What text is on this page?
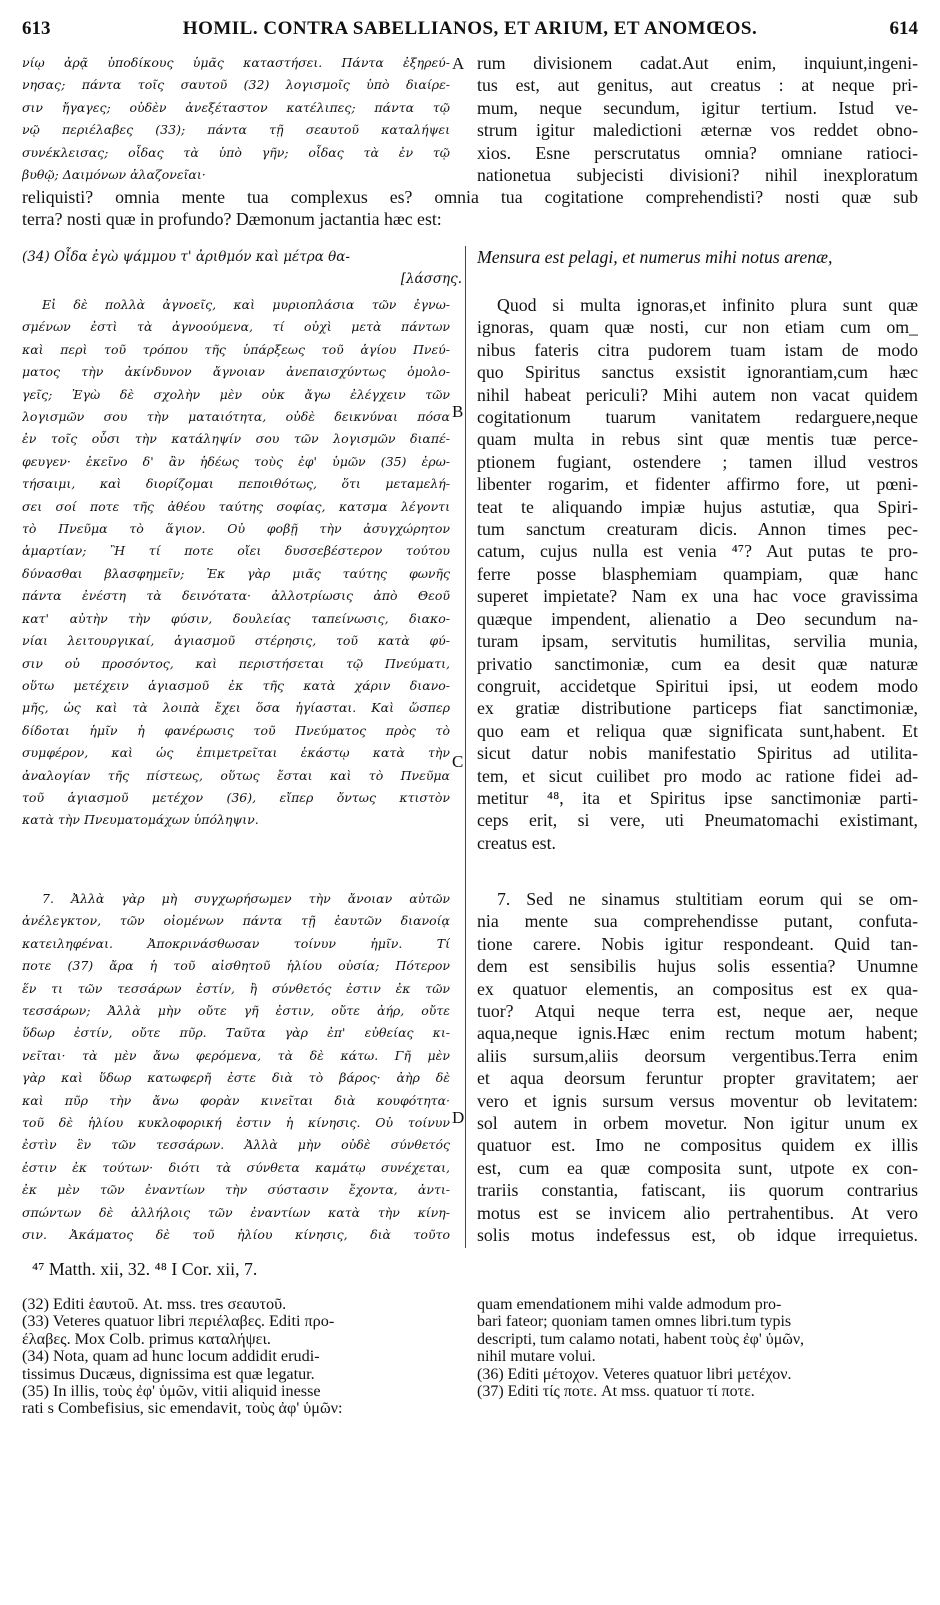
613	HOMIL. CONTRA SABELLIANOS, ET ARIUM, ET ANOMŒOS.	614
νίῳ ἀρᾷ ὑποδίκους ὑμᾶς καταστήσει. Πάντα ἐξηρεύ-
νησας; πάντα τοῖς σαυτοῦ (32) λογισμοῖς ὑπὸ διαίρε-
σιν ἤγαγες; οὐδὲν ἀνεξέταστον κατέλιπες; πάντα τῷ
νῷ περιέλαβες (33); πάντα τῇ σεαυτοῦ καταλήψει
συνέκλεισας; οἶδας τὰ ὑπὸ γῆν; οἶδας τὰ ἐν τῷ
βυθῷ; Δαιμόνων ἀλαζονεῖαι·
A rum divisionem cadat.Aut enim, inquiunt,ingeni-
tus est, aut genitus, aut creatus : at neque pri-
mum, neque secundum, igitur tertium. Istud ve-
strum igitur maledictioni æternæ vos reddet obno-
xios. Esne perscrutatus omnia? omniane ratioci-
nationetua subjecisti divisioni? nihil inexploratum
reliquisti? omnia mente tua complexus es? omnia tua cogitatione comprehendisti? nosti quæ sub
terra? nosti quæ in profundo? Dæmonum jactantia hæc est:
(34) Οἶδα ἐγὼ ψάμμου τ' ἀριθμόν καὶ μέτρα θα-
[λάσσης.
Mensura est pelagi, et numerus mihi notus arenæ,
Εἰ δὲ πολλὰ ἀγνοεῖς, καὶ μυριοπλάσια τῶν ἐγνω-
σμένων ἐστὶ τὰ ἀγνοούμενα, τί οὐχὶ μετὰ πάντων
καὶ περὶ τοῦ τρόπου τῆς ὑπάρξεως τοῦ ἁγίου Πνεύ-
ματος τὴν ἀκίνδυνον ἄγνοιαν ἀνεπαισχύντως ὁμολο-
γεῖς; Ἐγὼ δὲ σχολὴν μὲν οὐκ ἄγω ἐλέγχειν τῶν
λογισμῶν σου τὴν ματαιότητα, οὐδὲ δεικνύναι πόσα
ἐν τοῖς οὖσι τὴν κατάληψίν σου τῶν λογισμῶν διαπέ-
φευγεν· ἐκεῖνο δ' ἂν ἡδέως τοὺς ἐφ' ὑμῶν (35) ἐρω-
τήσαιμι, καὶ διορίζομαι πεποιθότως, ὅτι μεταμελή-
σει σοί ποτε τῆς ἀθέου ταύτης σοφίας, κατσμα λέγοντι
τὸ Πνεῦμα τὸ ἅγιον. Οὐ φοβῇ τὴν ἀσυγχώρητον
ἁμαρτίαν; Ἢ τί ποτε οἴει δυσσεβέστερον τούτου
δύνασθαι βλασφημεῖν; Ἐκ γὰρ μιᾶς ταύτης φωνῆς
πάντα ἐνέστη τὰ δεινότατα· ἀλλοτρίωσις ἀπὸ Θεοῦ
κατ' αὐτὴν τὴν φύσιν, δουλείας ταπείνωσις, διακο-
νίαι λειτουργικαί, ἁγιασμοῦ στέρησις, τοῦ κατὰ φύ-
σιν οὐ προσόντος, καὶ περιστήσεται τῷ Πνεύματι,
οὕτω μετέχειν ἁγιασμοῦ ἐκ τῆς κατὰ χάριν διανο-
μῆς, ὡς καὶ τὰ λοιπὰ ἔχει ὅσα ἡγίασται. Καὶ ὥσπερ
δίδοται ἡμῖν ἡ φανέρωσις τοῦ Πνεύματος πρὸς τὸ
συμφέρον, καὶ ὡς ἐπιμετρεῖται ἑκάστῳ κατὰ τὴν
ἀναλογίαν τῆς πίστεως, οὕτως ἔσται καὶ τὸ Πνεῦμα
τοῦ ἁγιασμοῦ μετέχον (36), εἴπερ ὄντως κτιστὸν
κατὰ τὴν Πνευματομάχων ὑπόληψιν.
B
Quod si multa ignoras,et infinito plura sunt quæ
ignoras, quam quæ nosti, cur non etiam cum om_
nibus fateris citra pudorem tuam istam de modo
quo Spiritus sanctus exsistit ignorantiam,cum hæc
nihil habeat periculi? Mihi autem non vacat quidem
cogitationum tuarum vanitatem redarguere,neque
quam multa in rebus sint quæ mentis tuæ perce-
ptionem fugiant, ostendere ; tamen illud vestros
libenter rogarim, et fidenter affirmo fore, ut pœni-
teat te aliquando impiæ hujus astutiæ, qua Spiri-
tum sanctum creaturam dicis. Annon times pec-
catum, cujus nulla est venia ⁴⁷? Aut putas te pro-
ferre posse blasphemiam quampiam, quæ hanc
superet impietate? Nam ex una hac voce gravissima
quæque impendent, alienatio a Deo secundum na-
turam ipsam, servitutis humilitas, servilia munia,
privatio sanctimoniæ, cum ea desit quæ naturæ
congruit, accidetque Spiritui ipsi, ut eodem modo
ex gratiæ distributione particeps fiat sanctimoniæ,
quo eam et reliqua quæ significata sunt,habent. Et
sicut datur nobis manifestatio Spiritus ad utilita-
tem, et sicut cuilibet pro modo ac ratione fidei ad-
metitur ⁴⁸, ita et Spiritus ipse sanctimoniæ parti-
ceps erit, si vere, uti Pneumatomachi existimant,
creatus est.
C
7. Ἀλλὰ γὰρ μὴ συγχωρήσωμεν τὴν ἄνοιαν αὐτῶν
ἀνέλεγκτον, τῶν οἰομένων πάντα τῇ ἑαυτῶν διανοίᾳ
κατειληφέναι. Ἀποκρινάσθωσαν τοίνυν ἡμῖν. Τί
ποτε (37) ἄρα ἡ τοῦ αἰσθητοῦ ἡλίου οὐσία; Πότερον
ἕν τι τῶν τεσσάρων ἐστίν, ἢ σύνθετός ἐστιν ἐκ τῶν
τεσσάρων; Ἀλλὰ μὴν οὔτε γῆ ἐστιν, οὔτε ἀήρ, οὔτε
ὕδωρ ἐστίν, οὔτε πῦρ. Ταῦτα γὰρ ἐπ' εὐθείας κι-
νεῖται· τὰ μὲν ἄνω φερόμενα, τὰ δὲ κάτω. Γῆ μὲν
γὰρ καὶ ὕδωρ κατωφερῆ ἐστε διὰ τὸ βάρος· ἀὴρ δὲ
καὶ πῦρ τὴν ἄνω φορὰν κινεῖται διὰ κουφότητα·
τοῦ δὲ ἡλίου κυκλοφορική ἐστιν ἡ κίνησις. Οὐ τοίνυν
ἐστὶν ἓν τῶν τεσσάρων. Ἀλλὰ μὴν οὐδὲ σύνθετός
ἐστιν ἐκ τούτων· διότι τὰ σύνθετα καμάτῳ συνέχεται,
ἐκ μὲν τῶν ἐναντίων τὴν σύστασιν ἔχοντα, ἀντι-
σπώντων δὲ ἀλλήλοις τῶν ἐναντίων κατὰ τὴν κίνη-
σιν. Ἀκάματος δὲ τοῦ ἡλίου κίνησις, διὰ τοῦτο
D
7. Sed ne sinamus stultitiam eorum qui se om-
nia mente sua comprehendisse putant, confuta-
tione carere. Nobis igitur respondeant. Quid tan-
dem est sensibilis hujus solis essentia? Unumne
ex quatuor elementis, an compositus est ex qua-
tuor? Atqui neque terra est, neque aer, neque
aqua,neque ignis.Hæc enim rectum motum habent;
aliis sursum,aliis deorsum vergentibus.Terra enim
et aqua deorsum feruntur propter gravitatem; aer
vero et ignis sursum versus moventur ob levitatem:
sol autem in orbem movetur. Non igitur unum ex
quatuor est. Imo ne compositus quidem ex illis
est, cum ea quæ composita sunt, utpote ex con-
trariis constantia, fatiscant, iis quorum contrarius
motus est se invicem alio pertrahentibus. At vero
solis motus indefessus est, ob idque irrequietus.
⁴⁷ Matth. xii, 32. ⁴⁸ I Cor. xii, 7.
(32) Editi ἑαυτοῦ. At. mss. tres σεαυτοῦ.
(33) Veteres quatuor libri περιέλαβες. Editi προ-
έλαβες. Mox Colb. primus καταλήψει.
(34) Nota, quam ad hunc locum addidit erudi-
tissimus Ducæus, dignissima est quæ legatur.
(35) In illis, τοὺς ἐφ' ὑμῶν, vitii aliquid inesse
rati s Combefisius, sic emendavit, τοὺς ἀφ' ὑμῶν:
quam emendationem mihi valde admodum pro-
bari fateor; quoniam tamen omnes libri.tum typis
descripti, tum calamo notati, habent τοὺς ἐφ' ὑμῶν,
nihil mutare volui.
(36) Editi μέτοχον. Veteres quatuor libri μετέχον.
(37) Editi τίς ποτε. At mss. quatuor τί ποτε.
